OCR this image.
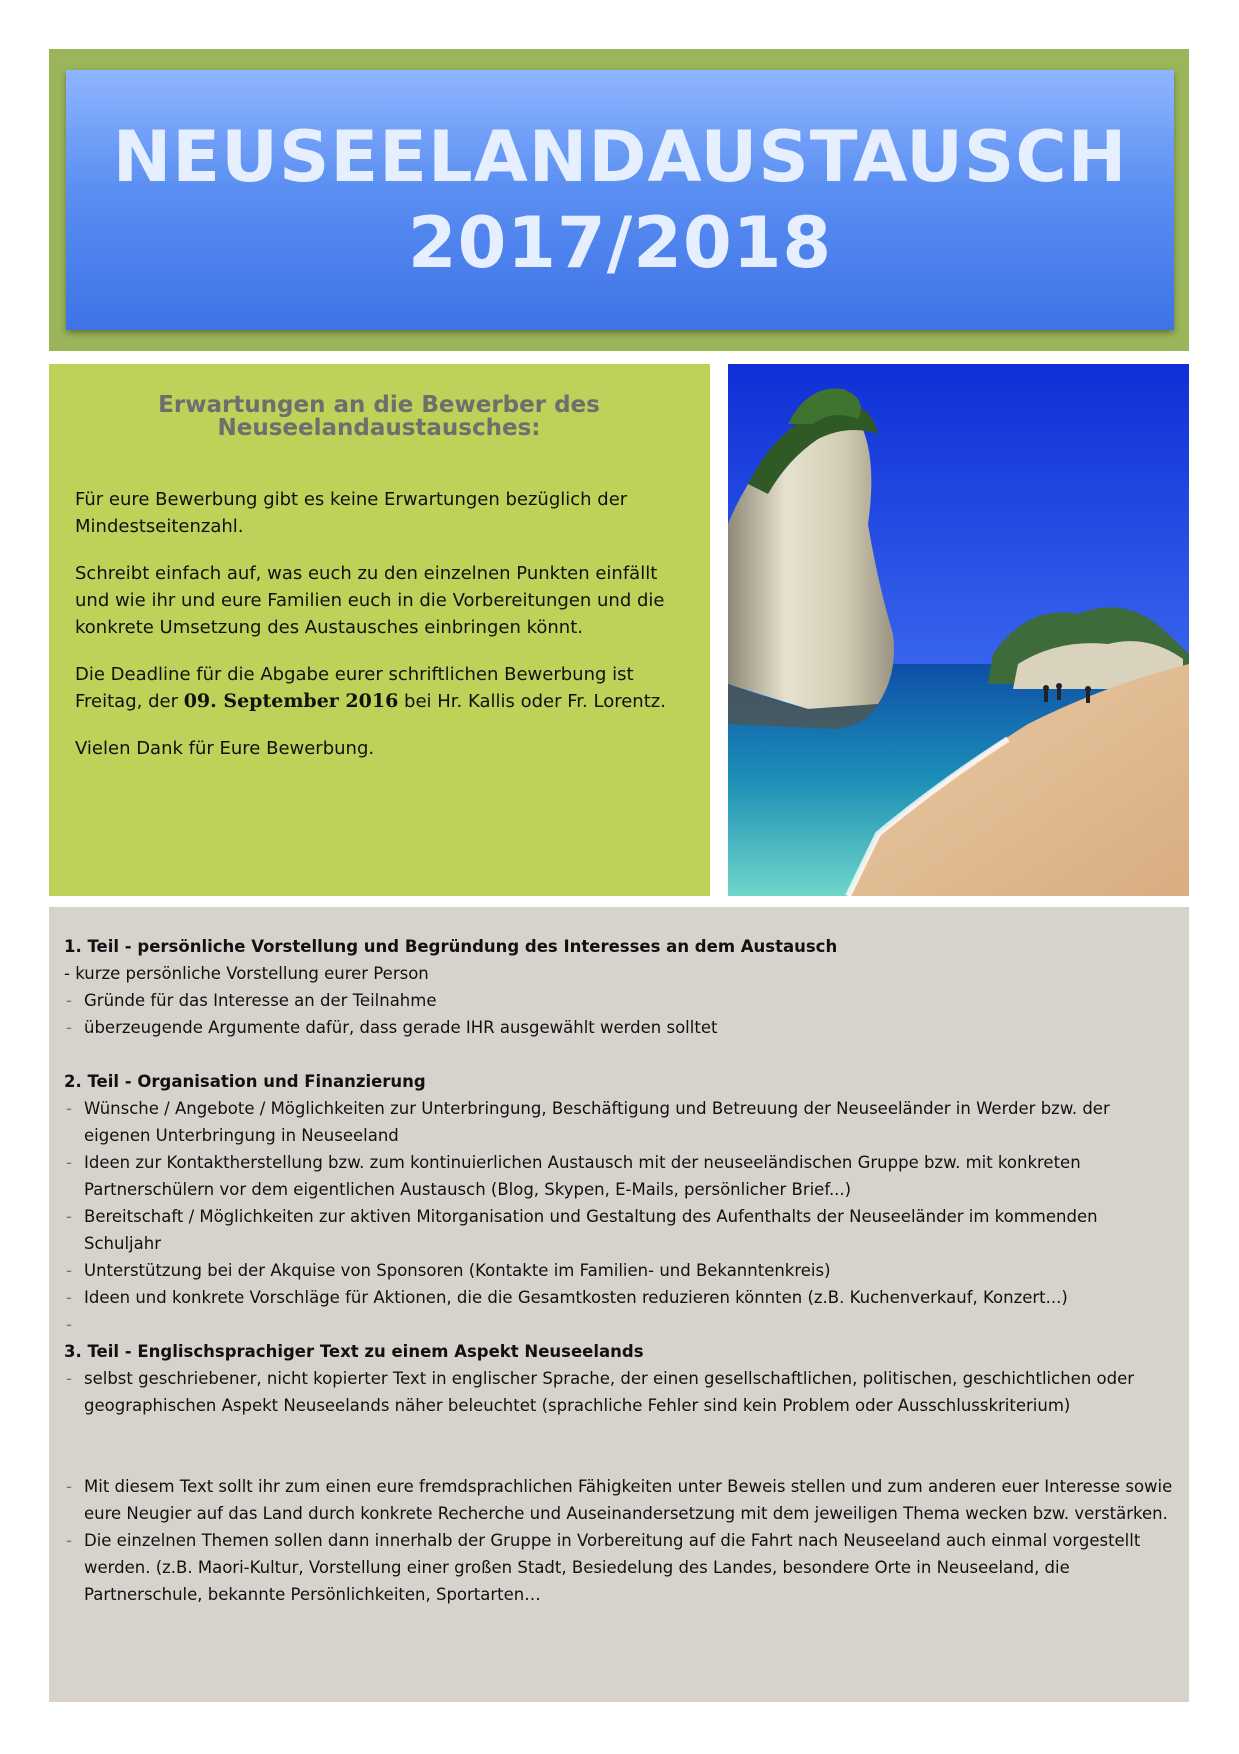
NEUSEELANDAUSTAUSCH
2017/2018
Erwartungen an die Bewerber des
Neuseelandaustausches:

Für eure Bewerbung gibt es keine Erwartungen bezüglich der Mindestseitenzahl.

Schreibt einfach auf, was euch zu den einzelnen Punkten einfällt und wie ihr und eure Familien euch in die Vorbereitungen und die konkrete Umsetzung des Austausches einbringen könnt.

Die Deadline für die Abgabe eurer schriftlichen Bewerbung ist Freitag, der 09. September 2016 bei Hr. Kallis oder Fr. Lorentz.

Vielen Dank für Eure Bewerbung.

1. Teil - persönliche Vorstellung und Begründung des Interesses an dem Austausch
- kurze persönliche Vorstellung eurer Person
- Gründe für das Interesse an der Teilnahme
- überzeugende Argumente dafür, dass gerade IHR ausgewählt werden solltet
2. Teil - Organisation und Finanzierung
- Wünsche / Angebote / Möglichkeiten zur Unterbringung, Beschäftigung und Betreuung der Neuseeländer in Werder bzw. der eigenen Unterbringung in Neuseeland
- Ideen zur Kontaktherstellung bzw. zum kontinuierlichen Austausch mit der neuseeländischen Gruppe bzw. mit konkreten Partnerschülern vor dem eigentlichen Austausch (Blog, Skypen, E-Mails, persönlicher Brief...)
- Bereitschaft / Möglichkeiten zur aktiven Mitorganisation und Gestaltung des Aufenthalts der Neuseeländer im kommenden Schuljahr
- Unterstützung bei der Akquise von Sponsoren (Kontakte im Familien- und Bekanntenkreis)
- Ideen und konkrete Vorschläge für Aktionen, die die Gesamtkosten reduzieren könnten (z.B. Kuchenverkauf, Konzert...)
-
3. Teil - Englischsprachiger Text zu einem Aspekt Neuseelands
- selbst geschriebener, nicht kopierter Text in englischer Sprache, der einen gesellschaftlichen, politischen, geschichtlichen oder geographischen Aspekt Neuseelands näher beleuchtet (sprachliche Fehler sind kein Problem oder Ausschlusskriterium)
- Mit diesem Text sollt ihr zum einen eure fremdsprachlichen Fähigkeiten unter Beweis stellen und zum anderen euer Interesse sowie eure Neugier auf das Land durch konkrete Recherche und Auseinandersetzung mit dem jeweiligen Thema wecken bzw. verstärken.
- Die einzelnen Themen sollen dann innerhalb der Gruppe in Vorbereitung auf die Fahrt nach Neuseeland auch einmal vorgestellt werden. (z.B. Maori-Kultur, Vorstellung einer großen Stadt, Besiedelung des Landes, besondere Orte in Neuseeland, die Partnerschule, bekannte Persönlichkeiten, Sportarten…
